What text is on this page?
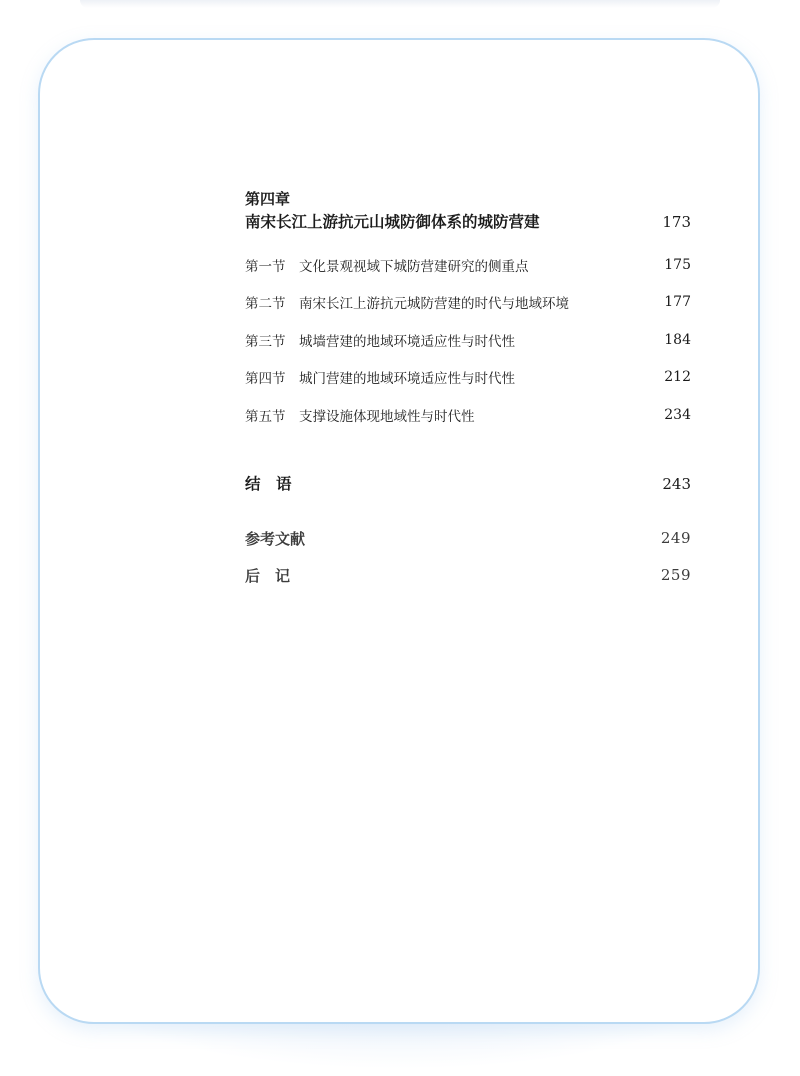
第四章
南宋长江上游抗元山城防御体系的城防营建	173
第一节 文化景观视域下城防营建研究的侧重点	175
第二节 南宋长江上游抗元城防营建的时代与地域环境	177
第三节 城墙营建的地域环境适应性与时代性	184
第四节 城门营建的地域环境适应性与时代性	212
第五节 支撑设施体现地域性与时代性	234
结　语	243
参考文献	249
后　记	259
